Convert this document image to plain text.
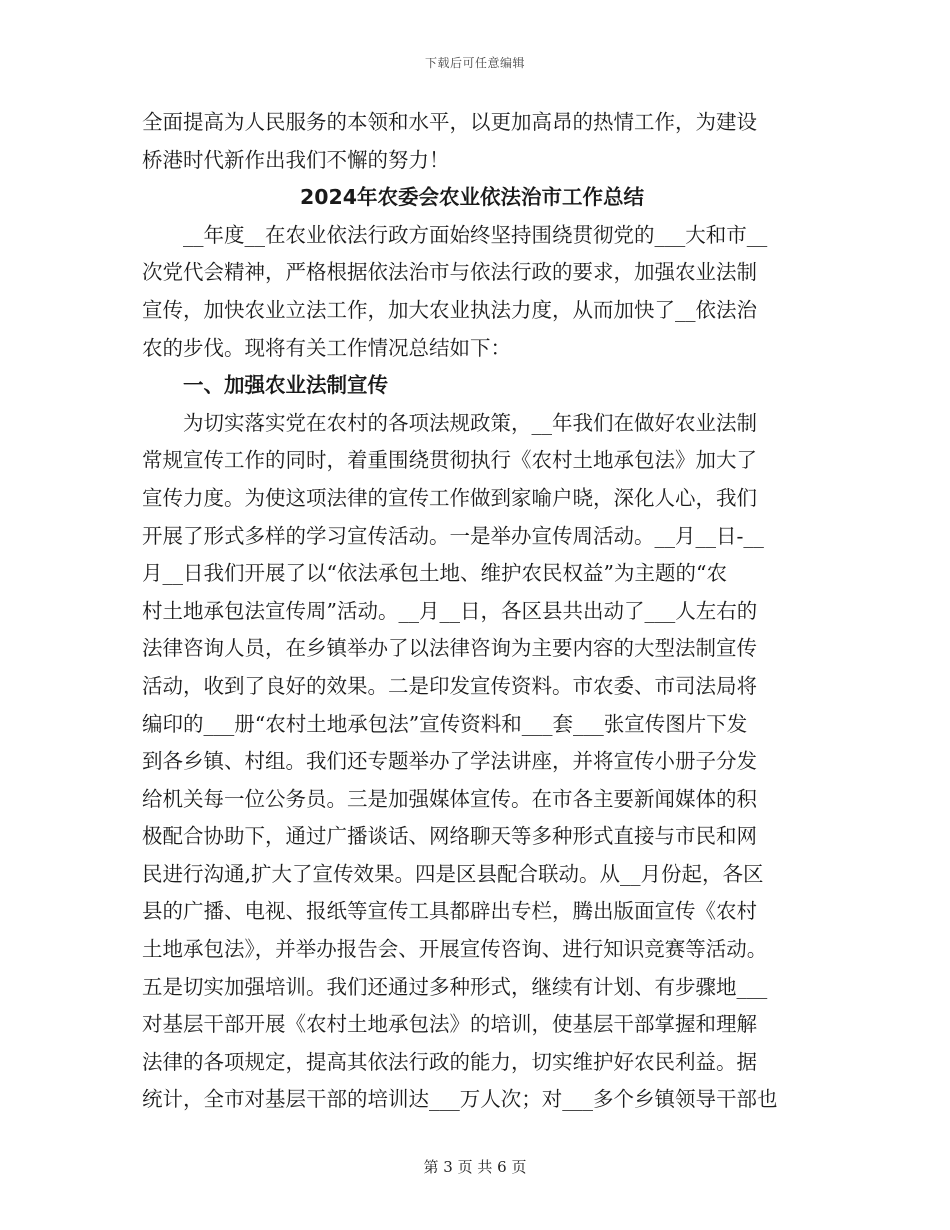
下载后可任意编辑
全面提高为人民服务的本领和水平，以更加高昂的热情工作，为建设
桥港时代新作出我们不懈的努力！
2024年农委会农业依法治市工作总结
__年度__在农业依法行政方面始终坚持围绕贯彻党的___大和市__
次党代会精神，严格根据依法治市与依法行政的要求，加强农业法制
宣传，加快农业立法工作，加大农业执法力度，从而加快了__依法治
农的步伐。现将有关工作情况总结如下：
一、加强农业法制宣传
为切实落实党在农村的各项法规政策，__年我们在做好农业法制
常规宣传工作的同时，着重围绕贯彻执行《农村土地承包法》加大了
宣传力度。为使这项法律的宣传工作做到家喻户晓，深化人心，我们
开展了形式多样的学习宣传活动。一是举办宣传周活动。__月__日-__
月__日我们开展了以“依法承包土地、维护农民权益”为主题的“农
村土地承包法宣传周”活动。__月__日，各区县共出动了___人左右的
法律咨询人员，在乡镇举办了以法律咨询为主要内容的大型法制宣传
活动，收到了良好的效果。二是印发宣传资料。市农委、市司法局将
编印的___册“农村土地承包法”宣传资料和___套___张宣传图片下发
到各乡镇、村组。我们还专题举办了学法讲座，并将宣传小册子分发
给机关每一位公务员。三是加强媒体宣传。在市各主要新闻媒体的积
极配合协助下，通过广播谈话、网络聊天等多种形式直接与市民和网
民进行沟通,扩大了宣传效果。四是区县配合联动。从__月份起，各区
县的广播、电视、报纸等宣传工具都辟出专栏，腾出版面宣传《农村
土地承包法》，并举办报告会、开展宣传咨询、进行知识竞赛等活动。
五是切实加强培训。我们还通过多种形式，继续有计划、有步骤地___
对基层干部开展《农村土地承包法》的培训，使基层干部掌握和理解
法律的各项规定，提高其依法行政的能力，切实维护好农民利益。据
统计，全市对基层干部的培训达___万人次；对___多个乡镇领导干部也
第 3 页 共 6 页
